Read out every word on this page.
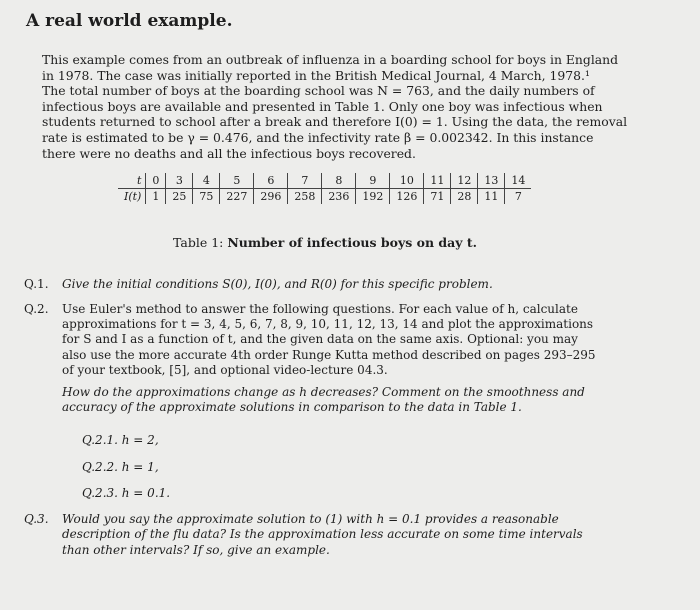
A real world example.
This example comes from an outbreak of influenza in a boarding school for boys in England
in 1978. The case was initially reported in the British Medical Journal, 4 March, 1978.¹
The total number of boys at the boarding school was N = 763, and the daily numbers of
infectious boys are available and presented in Table 1. Only one boy was infectious when
students returned to school after a break and therefore I(0) = 1. Using the data, the removal
rate is estimated to be γ = 0.476, and the infectivity rate β = 0.002342. In this instance
there were no deaths and all the infectious boys recovered.
t	0	3	4	5	6	7	8	9	10	11	12	13	14
I(t)	1	25	75	227	296	258	236	192	126	71	28	11	7
Table 1: Number of infectious boys on day t.
Q.1. Give the initial conditions S(0), I(0), and R(0) for this specific problem.
Q.2. Use Euler's method to answer the following questions. For each value of h, calculate
approximations for t = 3, 4, 5, 6, 7, 8, 9, 10, 11, 12, 13, 14 and plot the approximations
for S and I as a function of t, and the given data on the same axis. Optional: you may
also use the more accurate 4th order Runge Kutta method described on pages 293–295
of your textbook, [5], and optional video-lecture 04.3.
How do the approximations change as h decreases? Comment on the smoothness and
accuracy of the approximate solutions in comparison to the data in Table 1.
Q.2.1. h = 2,
Q.2.2. h = 1,
Q.2.3. h = 0.1.
Q.3. Would you say the approximate solution to (1) with h = 0.1 provides a reasonable
description of the flu data? Is the approximation less accurate on some time intervals
than other intervals? If so, give an example.
